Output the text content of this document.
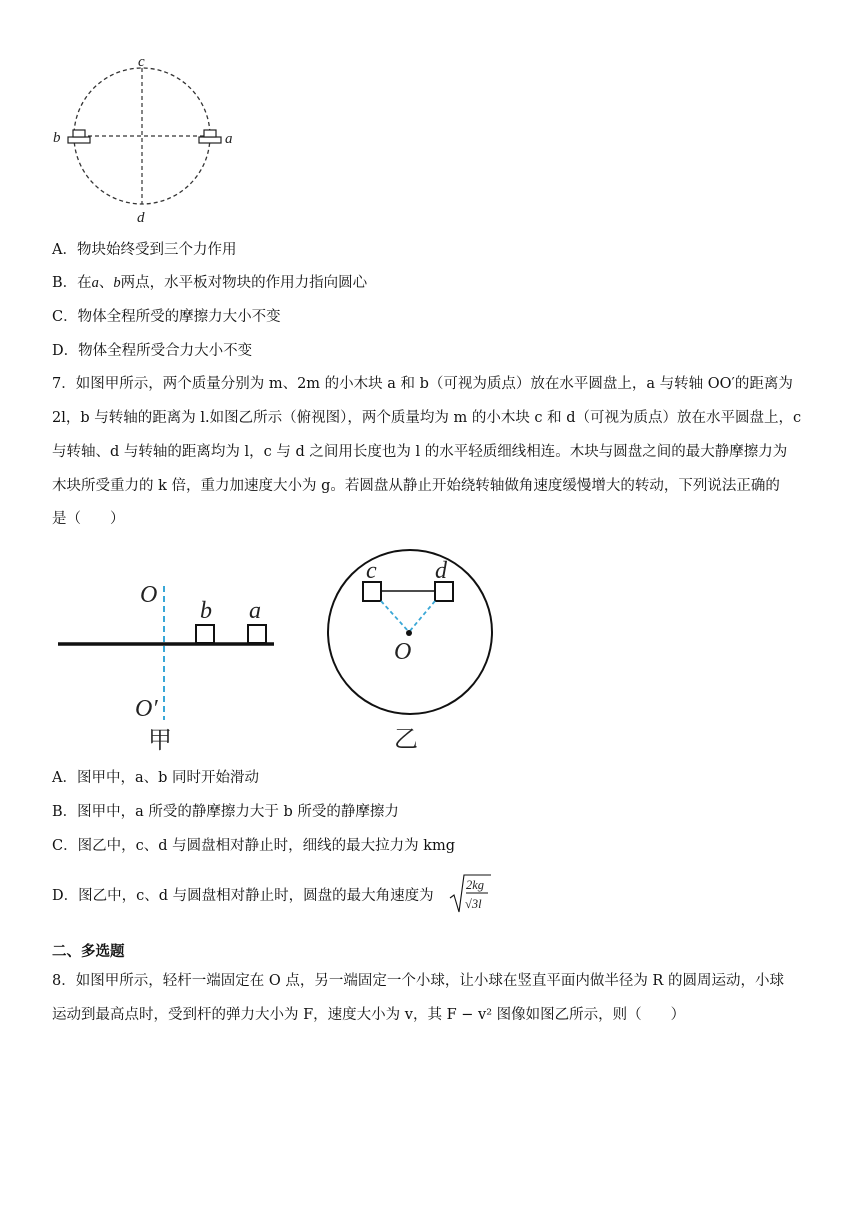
c
d
b	a
A．物块始终受到三个力作用
B．在a、b两点，水平板对物块的作用力指向圆心
C．物体全程所受的摩擦力大小不变
D．物体全程所受合力大小不变
7．如图甲所示，两个质量分别为 m、2m 的小木块 a 和 b（可视为质点）放在水平圆盘上，a 与转轴 OO′的距离为
2l，b 与转轴的距离为 l.如图乙所示（俯视图），两个质量均为 m 的小木块 c 和 d（可视为质点）放在水平圆盘上，c
与转轴、d 与转轴的距离均为 l，c 与 d 之间用长度也为 l 的水平轻质细线相连。木块与圆盘之间的最大静摩擦力为
木块所受重力的 k 倍，重力加速度大小为 g。若圆盘从静止开始绕转轴做角速度缓慢增大的转动，下列说法正确的
是（　　）
O
b a
O′
甲
c d
O
乙
A．图甲中，a、b 同时开始滑动
B．图甲中，a 所受的静摩擦力大于 b 所受的静摩擦力
C．图乙中，c、d 与圆盘相对静止时，细线的最大拉力为 kmg
D．图乙中，c、d 与圆盘相对静止时，圆盘的最大角速度为
2kg
√3l
二、多选题
8．如图甲所示，轻杆一端固定在 O 点，另一端固定一个小球，让小球在竖直平面内做半径为 R 的圆周运动，小球
运动到最高点时，受到杆的弹力大小为 F，速度大小为 v，其 F − v² 图像如图乙所示，则（　　）
